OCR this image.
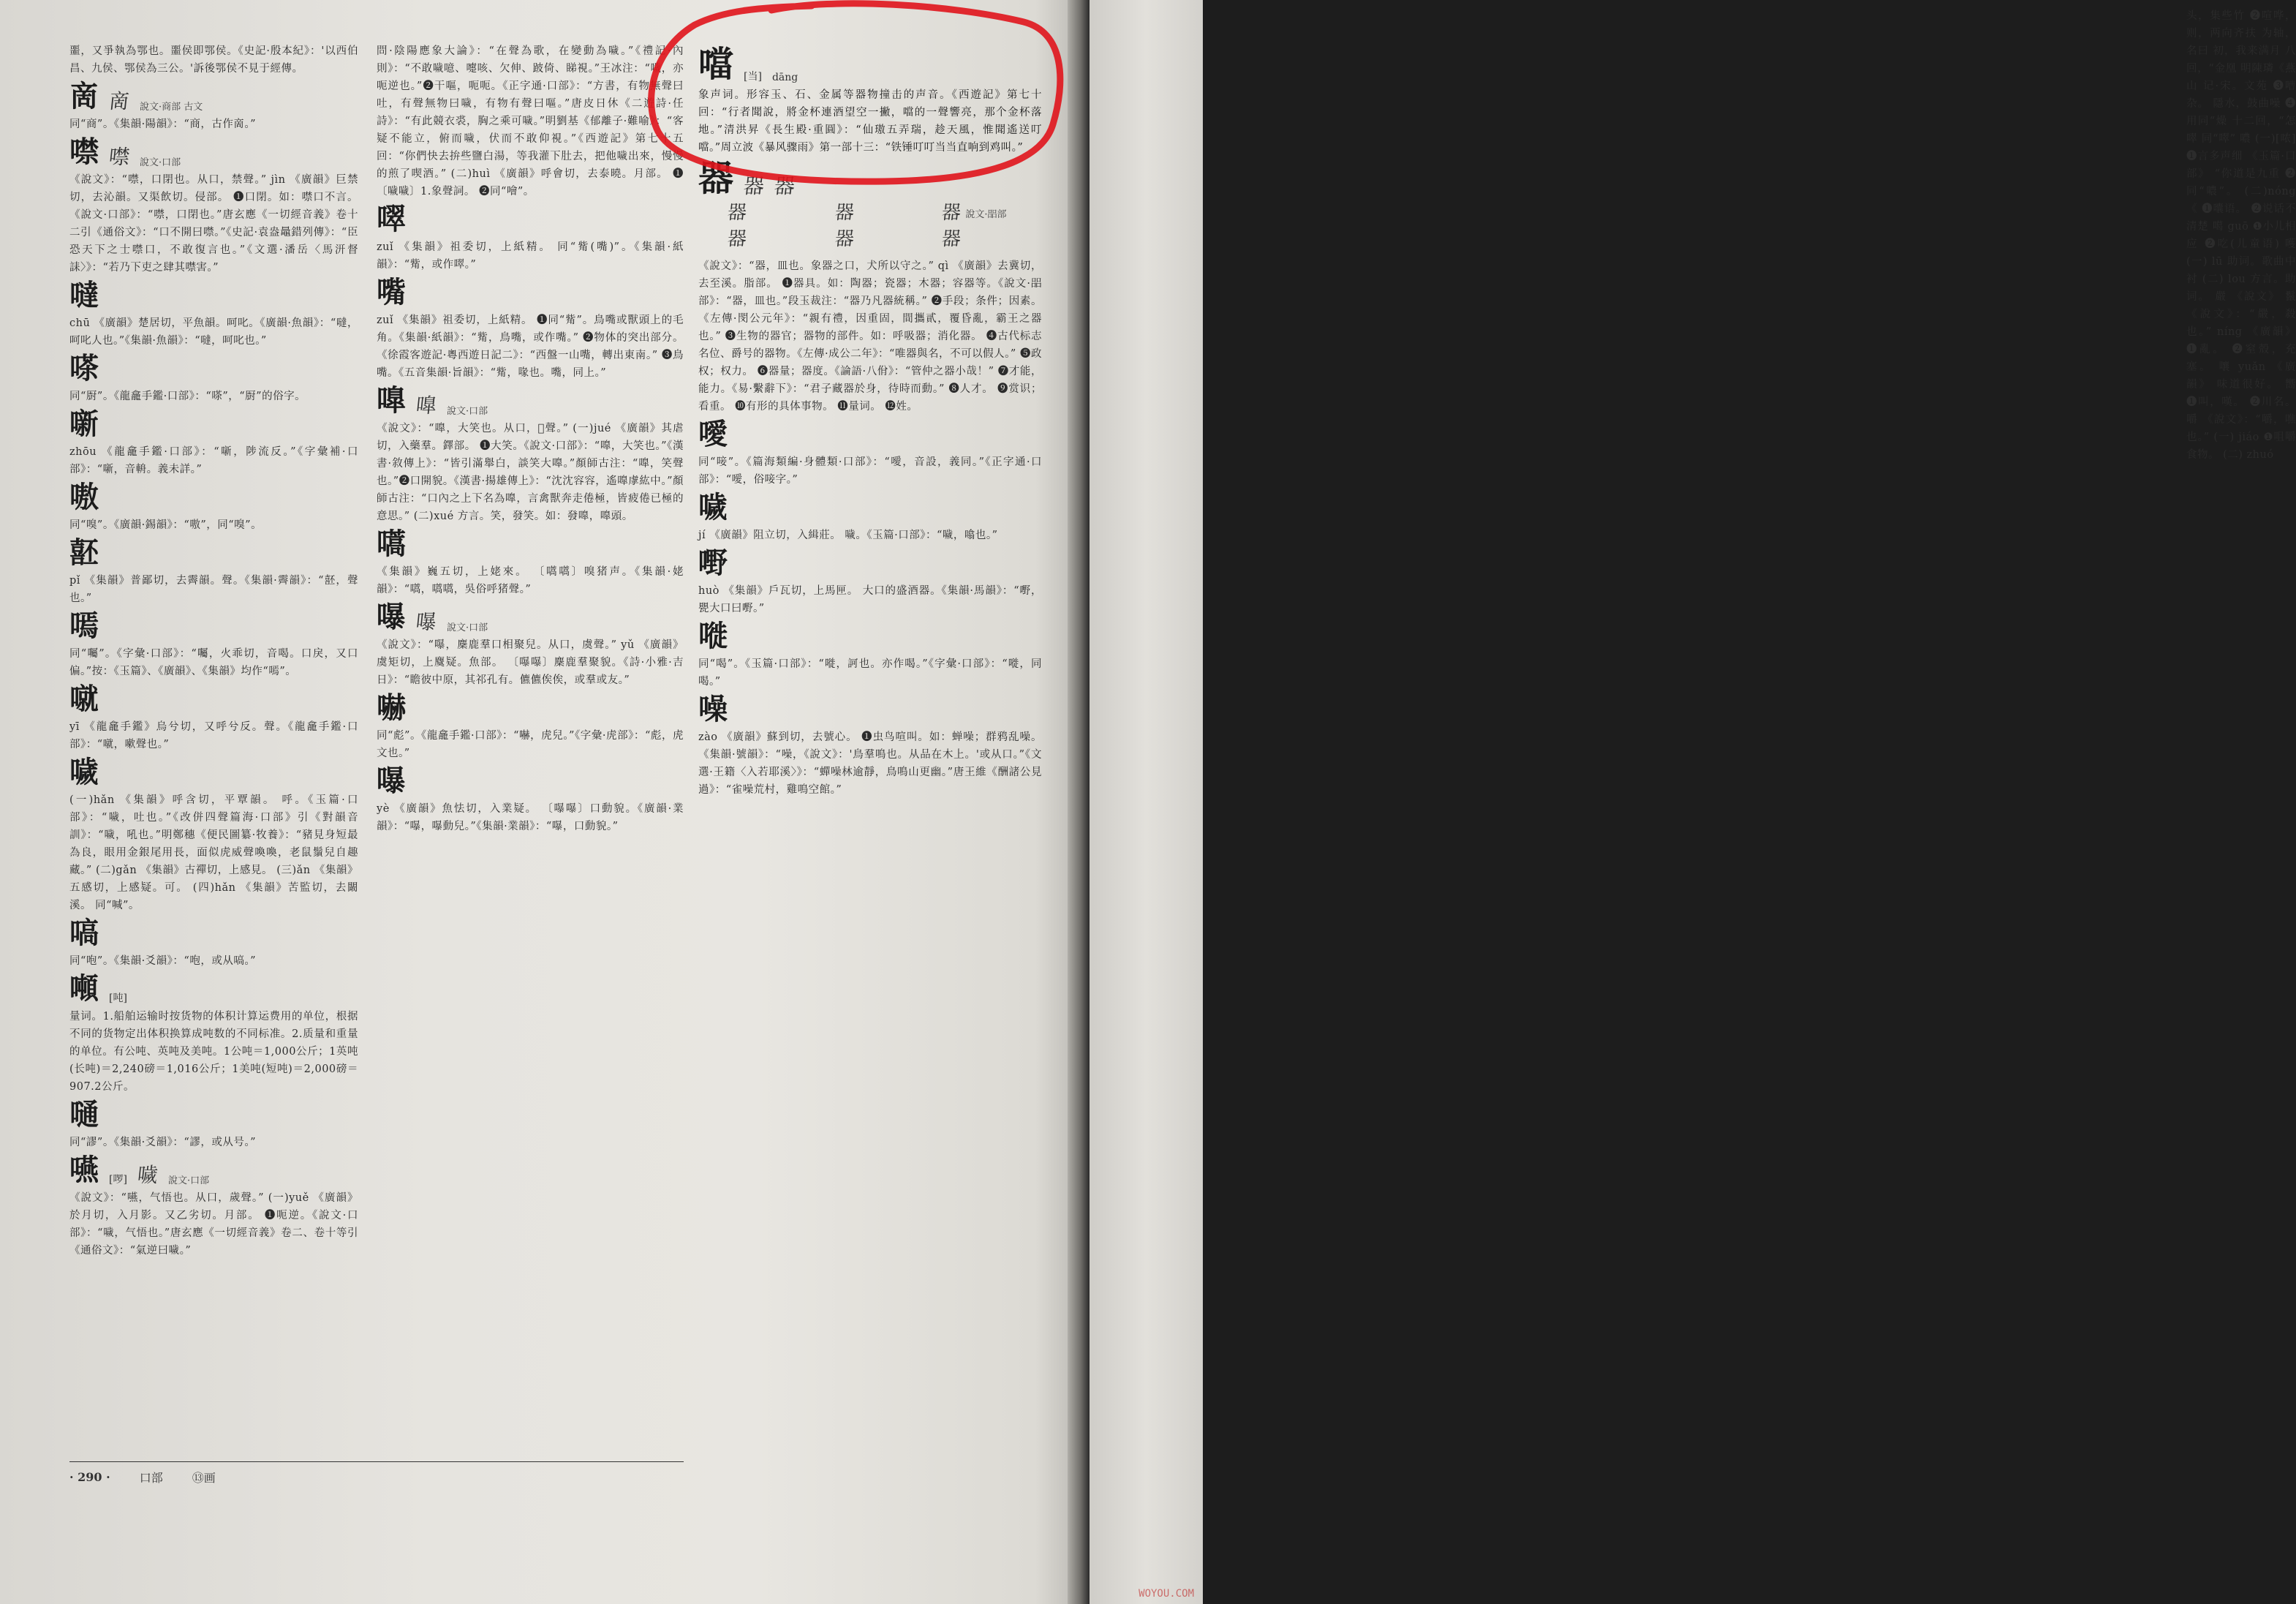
噩，又爭執為鄂也。噩侯即鄂侯。《史記·殷本紀》：'以西伯昌、九侯、鄂侯為三公。'訴後鄂侯不見于經傳。

啇 啇 說文·商部 古文

同“商”。《集韻·陽韻》：“商，古作啇。”

噤 噤 說文·口部

《說文》：“噤，口閉也。从口，禁聲。” jìn 《廣韻》巨禁切，去沁韻。又渠飲切。侵部。 ❶口閉。如：噤口不言。《說文·口部》：“噤，口閉也。”唐玄應《一切經音義》卷十二引《通俗文》：“口不開曰噤。”《史記·袁盎鼂錯列傳》：“臣恐天下之士噤口，不敢復言也。”《文選·潘岳〈馬汧督誄〉》：“若乃下吏之肆其噤害。”

噠

chū 《廣韻》楚居切，平魚韻。呵叱。《廣韻·魚韻》：“噠，呵叱人也。”《集韻·魚韻》：“噠，呵叱也。”

嗏

同“㕑”。《龍龕手鑑·口部》：“嗏”，“㕑”的俗字。

噺

zhōu 《龍龕手鑑·口部》：“噺，陟流反。”《字彙補·口部》：“噺，音輈。義未詳。”

嗷

同“嗅”。《廣韻·錫韻》：“嗷”，同“嗅”。

噽

pǐ 《集韻》普鄙切，去霽韻。聲。《集韻·霽韻》：“噽，聲也。”

嘕

同“囑”。《字彙·口部》：“囑，火乖切，音喝。口戾，又口偏。”按：《玉篇》、《廣韻》、《集韻》均作“嘕”。

噈

yī 《龍龕手鑑》烏兮切，又呼兮反。聲。《龍龕手鑑·口部》：“噈，嗽聲也。”

噦

(一)hǎn 《集韻》呼含切，平覃韻。 呼。《玉篇·口部》：“噦，吐也。”《改併四聲篇海·口部》引《對韻音訓》：“噦，吼也。”明鄭穗《便民圖纂·牧養》：“豬見身短最為良，眼用金銀尾用長，面似虎威聲喚喚，老鼠鬚兒自趣藏。” (二)gǎn 《集韻》古禪切，上感見。 (三)ǎn 《集韻》五感切，上感疑。可。 (四)hǎn 《集韻》苦監切，去闞溪。 同“喊”。

嗃

同“咆”。《集韻·爻韻》：“咆，或从嗃。”

噸 [吨]

量词。1.船舶运输时按货物的体积计算运费用的单位，根据不同的货物定出体积换算成吨数的不同标准。2.质量和重量的单位。有公吨、英吨及美吨。1公吨＝1,000公斤；1英吨(长吨)＝2,240磅＝1,016公斤；1美吨(短吨)＝2,000磅＝907.2公斤。

嗵

同“謬”。《集韻·爻韻》：“謬，或从号。”

嚥 [啰] 噦 說文·口部

《說文》：“嚥，气悟也。从口，歲聲。” (一)yuě 《廣韻》於月切，入月影。又乙劣切。月部。 ❶呃逆。《說文·口部》：“噦，气悟也。”唐玄應《一切經音義》卷二、卷十等引《通俗文》：“氣逆曰噦。”

問·陰陽應象大論》：“在聲為歌，在變動為噦。”《禮記·內則》：“不敢噦噫、嚏咳、欠伸、跛倚、睇視。”王冰注：“噦，亦呃逆也。”❷干嘔，呃呃。《正字通·口部》：“方書，有物無聲曰吐，有聲無物曰噦，有物有聲曰嘔。”唐皮日休《二遊詩·任詩》：“有此競衣裘，胸之乘可噦。”明劉基《郁離子·難喻》：“客疑不能立，俯而噦，伏而不敢仰視。”《西遊記》第七十五回：“你們快去拚些鹽白湯，等我灌下肚去，把他噦出來，慢慢的煎了喫酒。” (二)huì 《廣韻》呼會切，去泰曉。月部。 ❶〔噦噦〕1.象聲詞。 ❷同“噲”。

噿

zuǐ 《集韻》祖委切，上紙精。 同“觜(嘴)”。《集韻·紙韻》：“觜，或作噿。”

嘴

zuǐ 《集韻》祖委切，上紙精。 ❶同“觜”。鳥嘴或獸頭上的毛角。《集韻·紙韻》：“觜，鳥嘴，或作嘴。” ❷物体的突出部分。《徐霞客遊記·粵西遊日記二》：“西盤一山嘴，轉出東南。” ❸鳥嘴。《五音集韻·旨韻》：“觜，喙也。嘴，同上。”

嘷 嘷 說文·口部

《說文》：“嘷，大笑也。从口，𧆞聲。” (一)jué 《廣韻》其虐切，入藥羣。鐸部。 ❶大笑。《說文·口部》：“嘷，大笑也。”《漢書·敘傳上》：“皆引滿舉白，談笑大嘷。”顏師古注：“嘷，笑聲也。”❷口開貌。《漢書·揚雄傳上》：“沈沈容容，遙嘷虖紘中。”顏師古注：“口內之上下名為嘷，言禽獸奔走倦極，皆疲倦已極的意思。” (二)xué 方言。笑，發笑。如：發嘷，嘷頭。

嚆

《集韻》巍五切，上姥來。 〔嚆嚆〕嗅猪声。《集韻·姥韻》：“嚆，嚆嚆，吳俗呼猪聲。”

嚗 嚗 說文·口部

《說文》：“嚗，麇鹿羣口相聚兒。从口，虞聲。” yǔ 《廣韻》虞矩切，上麌疑。魚部。 〔嚗嚗〕麇鹿羣聚貌。《詩·小雅·吉日》：“瞻彼中原，其祁孔有。儦儦俟俟，或羣或友。”

嚇

同“彪”。《龍龕手鑑·口部》：“嚇，虎兒。”《字彙·虎部》：“彪，虎文也。”

嚗

yè 《廣韻》魚怯切，入業疑。 〔嚗嚗〕口動貌。《廣韻·業韻》：“嚗，嚗動兒。”《集韻·業韻》：“嚗，口動貌。”

噹 [当] dāng

象声词。形容玉、石、金属等器物撞击的声音。《西遊記》第七十回：“行者聞說，將金杯連酒望空一撇，噹的一聲響亮，那个金杯落地。”清洪昇《長生殿·重圓》：“仙璈五弄瑞，趁天風，惟聞遙送叮噹。”周立波《暴风骤雨》第一部十三：“铁锤叮叮当当直响到鸡叫。”

器 器 器
器	器	器 說文·㗊部
器	器	器

《說文》：“器，皿也。象器之口，犬所以守之。” qì 《廣韻》去冀切，去至溪。脂部。 ❶器具。如：陶器；瓷器；木器；容器等。《說文·㗊部》：“器，皿也。”段玉裁注：“器乃凡器統稱。” ❷手段；条件；因素。《左傳·閔公元年》：“親有禮，因重固，間攜貳，覆昏亂，霸王之器也。” ❸生物的器官；器物的部件。如：呼吸器；消化器。 ❹古代标志名位、爵号的器物。《左傳·成公二年》：“唯器與名，不可以假人。” ❺政权；权力。 ❻器量；器度。《論語·八佾》：“管仲之器小哉！” ❼才能，能力。《易·繫辭下》：“君子藏器於身，待時而動。” ❽人才。 ❾赏识；看重。 ❿有形的具体事物。 ⓫量词。 ⓬姓。

噯

同“唼”。《篇海類編·身體類·口部》：“噯，音設，義同。”《正字通·口部》：“噯，俗唼字。”

噦

jí 《廣韻》阻立切，入緝莊。 噦。《玉篇·口部》：“噦，噏也。”

嘢

huò 《集韻》戶瓦切，上馬匣。 大口的盛酒器。《集韻·馬韻》：“嘢，甖大口曰嘢。”

嘥

同“喝”。《玉篇·口部》：“嘥，訶也。亦作喝。”《字彙·口部》：“嘥，同喝。”

噪

zào 《廣韻》蘇到切，去號心。 ❶虫鸟喧叫。如：蝉噪；群鸦乱噪。《集韻·號韻》：“噪，《說文》：'鳥羣鳴也。从品在木上。'或从口。”《文選·王籍〈入若耶溪〉》：“蟬噪林逾靜，鳥鳴山更幽。”唐王維《酬諸公見過》：“雀噪荒村，雞鳴空館。”

· 290 ·	口部	⑬画

头，集些竹 ❷喧哗，则，两向齐扶 为轴，名曰 初，我来满月 八回，“金凰 明陳璘《燕山 记·宋。文苑 ❸嘈杂。 隱水，鼓曲噪 ❹用同“燥 十二回，“怎 噿 同“噿” 噥 (一)[哝] ❶言多声细 《玉篇·口部》 “你道是九重 ❷同“噥”。 (二)nóng 《 ❶囔语。 ❷说话不清楚 噶 guō ❶小儿相应 ❷吃(儿童语) 嚄 (一) lū 助词。歌曲中衬 (二) lou 方言。助词。 嚴 《說文》 鬣 《說文》：“嚴，殺 也。” níng 《廣韻》 ❶亂。 ❷窒殼，充塞。 嚷 yuǎn 《廣韻》 味道很好。 嚮 ❶叫，嘆。 ❷川名。 嚼 《說文》：“嚼，噍也。” (一) jiáo ❶咀嚼食物。 (二) zhuó

WOYOU.COM
